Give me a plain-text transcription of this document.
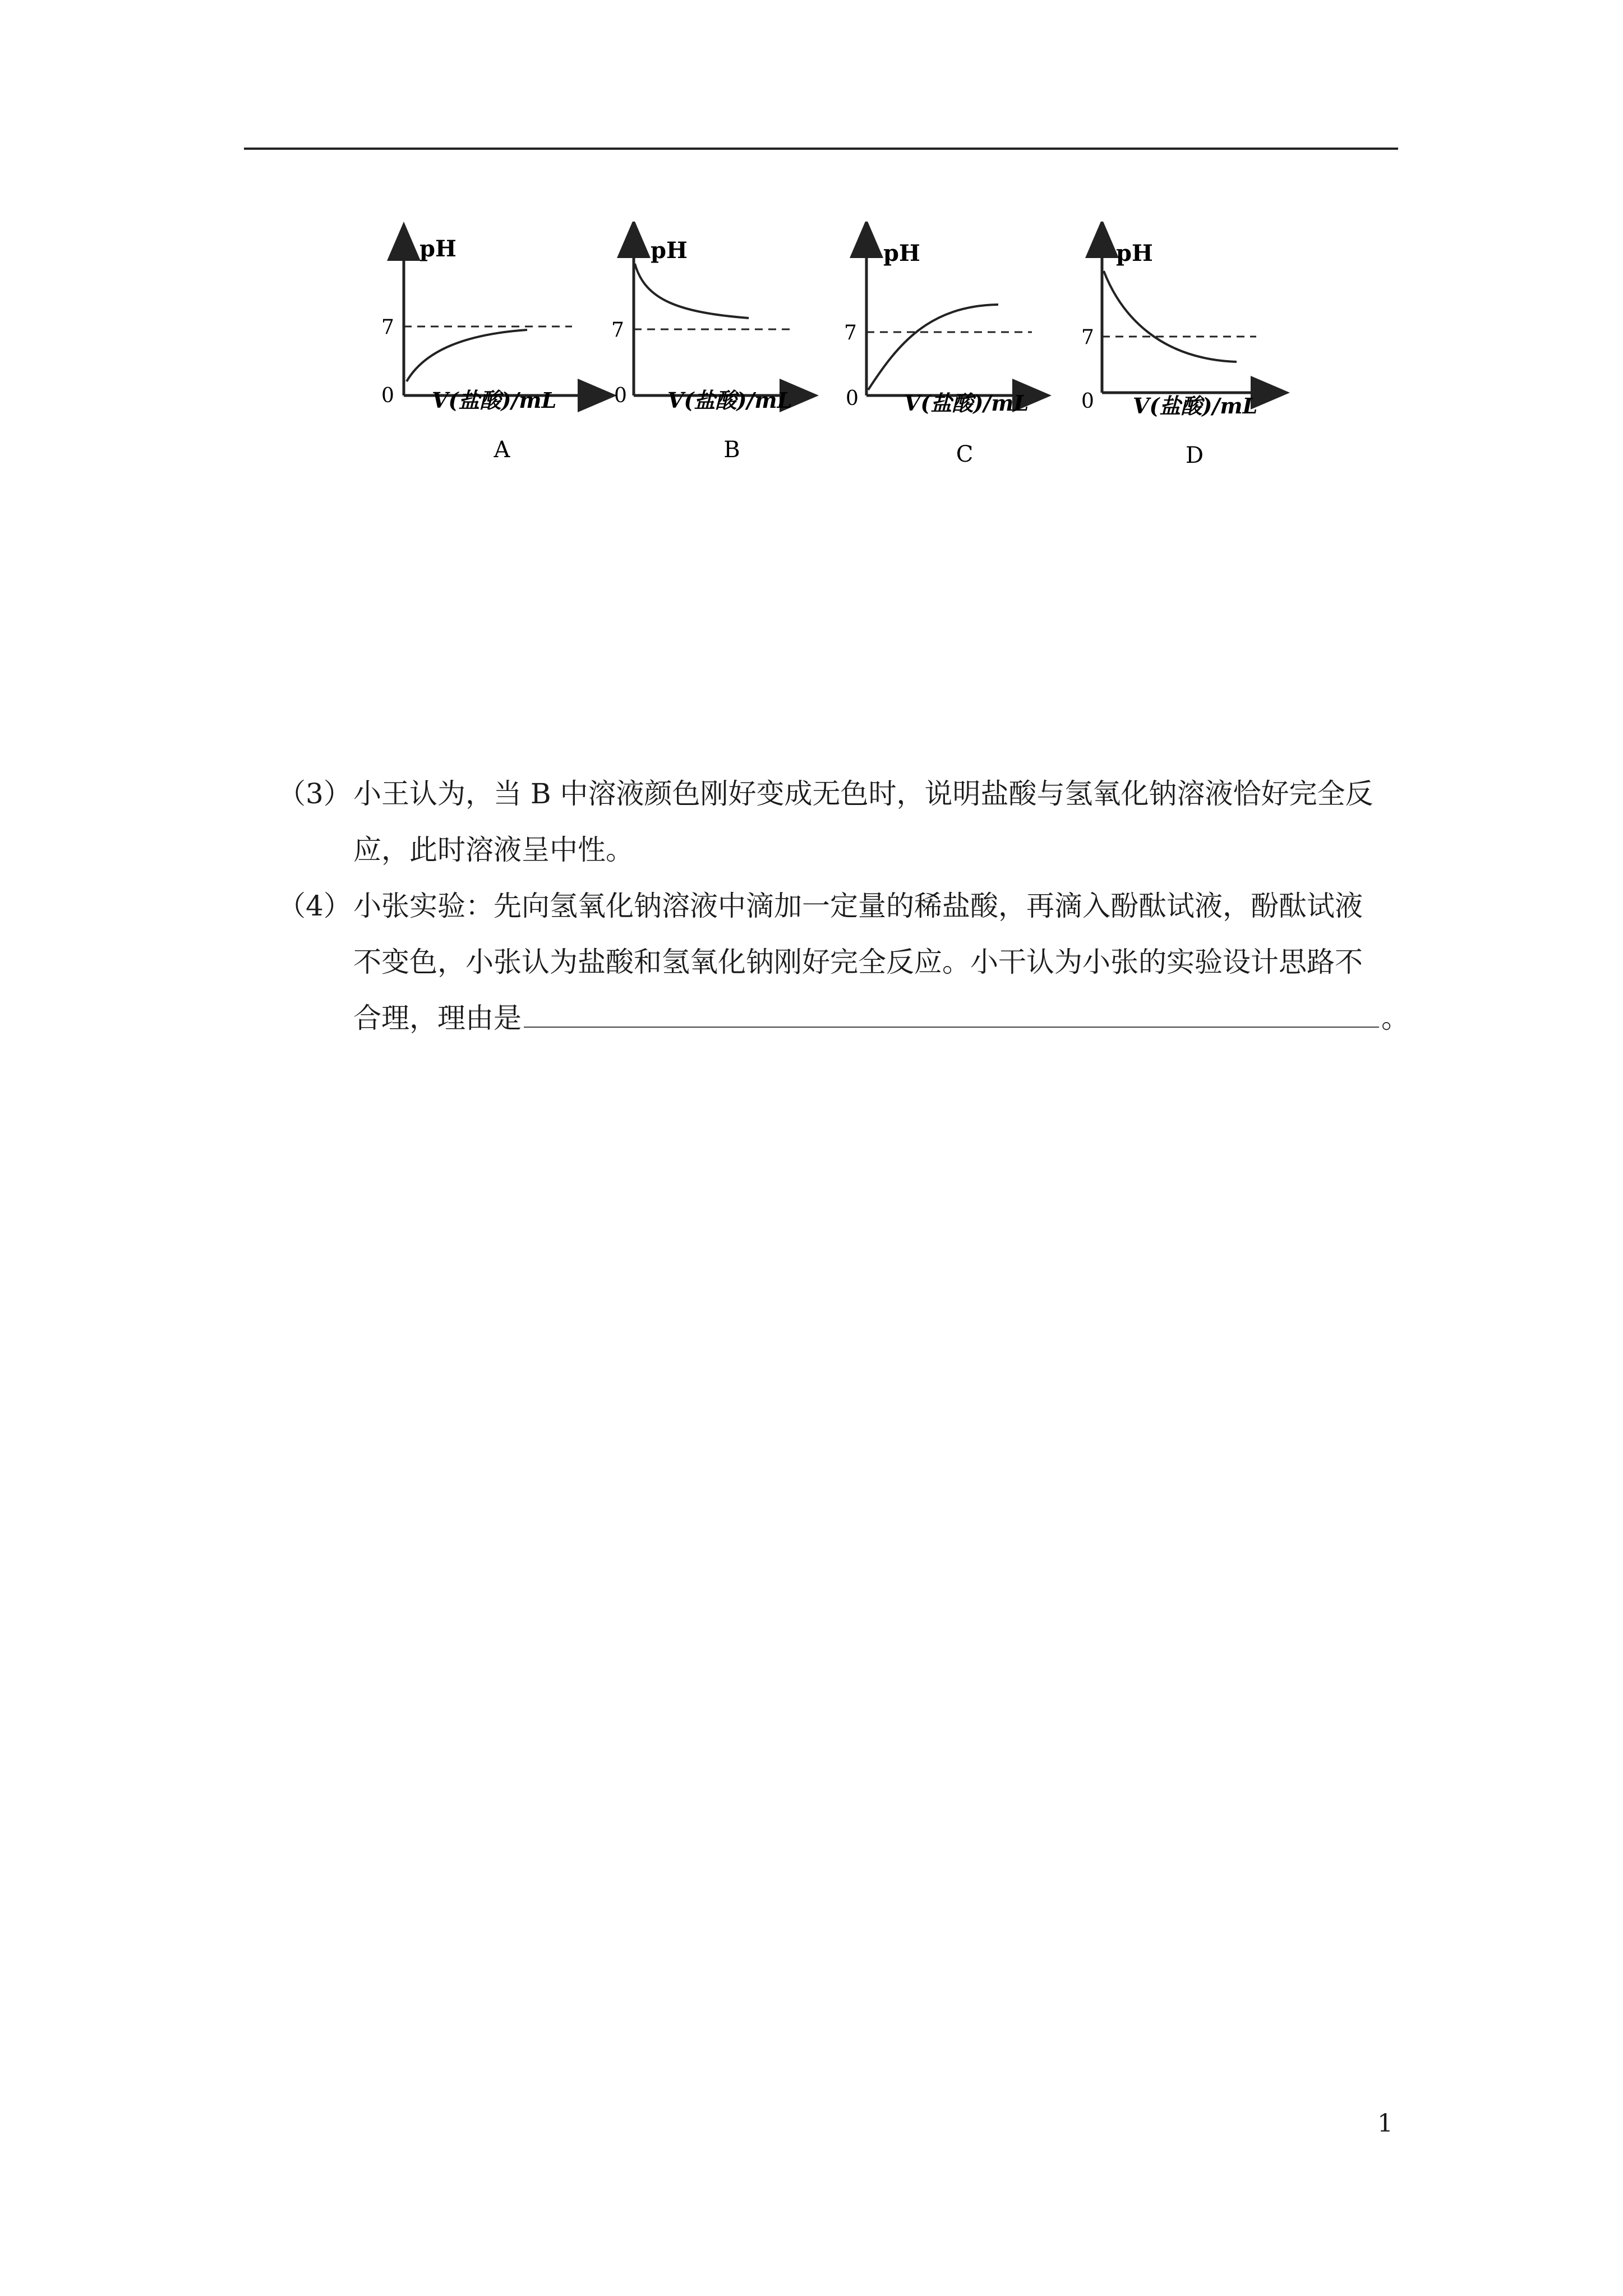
pH
7
0 V(盐酸)/mL
A
pH
7
0 V(盐酸)/mL
B
pH
7
0 V(盐酸)/mL
C
pH
7
0 V(盐酸)/mL
D
（3） 小王认为，当 B 中溶液颜色刚好变成无色时，说明盐酸与氢氧化钠溶液恰好完全反
应，此时溶液呈中性。
（4） 小张实验：先向氢氧化钠溶液中滴加一定量的稀盐酸，再滴入酚酞试液，酚酞试液
不变色，小张认为盐酸和氢氧化钠刚好完全反应。小干认为小张的实验设计思路不
合理，理由是	。
1
